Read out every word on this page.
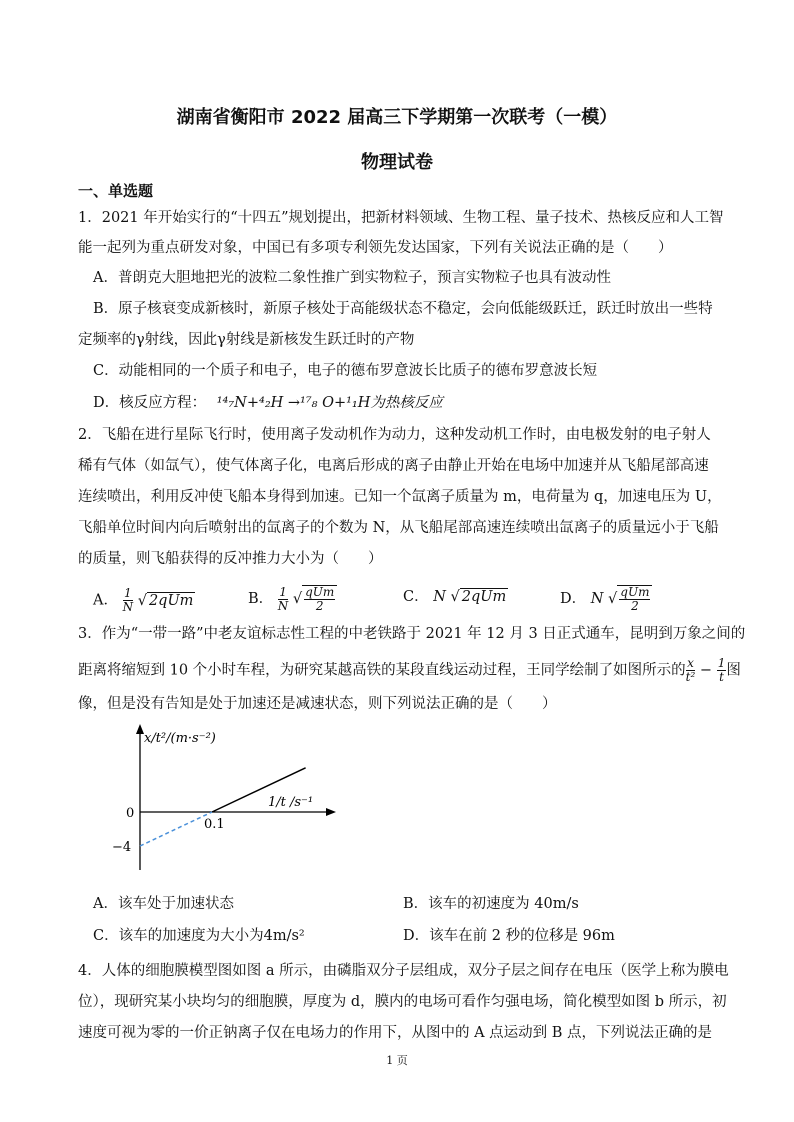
湖南省衡阳市 2022 届高三下学期第一次联考（一模）
物理试卷
一、单选题
1．2021 年开始实行的“十四五”规划提出，把新材料领域、生物工程、量子技术、热核反应和人工智
能一起列为重点研发对象，中国已有多项专利领先发达国家，下列有关说法正确的是（　　）
A．普朗克大胆地把光的波粒二象性推广到实物粒子，预言实物粒子也具有波动性
B．原子核衰变成新核时，新原子核处于高能级状态不稳定，会向低能级跃迁，跃迁时放出一些特
定频率的γ射线，因此γ射线是新核发生跃迁时的产物
C．动能相同的一个质子和电子，电子的德布罗意波长比质子的德布罗意波长短
D．核反应方程： ¹⁴₇N+⁴₂H →¹⁷₈ O+¹₁H为热核反应
2．飞船在进行星际飞行时，使用离子发动机作为动力，这种发动机工作时，由电极发射的电子射人
稀有气体（如氙气），使气体离子化，电离后形成的离子由静止开始在电场中加速并从飞船尾部高速
连续喷出，利用反冲使飞船本身得到加速。已知一个氙离子质量为 m，电荷量为 q，加速电压为 U，
飞船单位时间内向后喷射出的氙离子的个数为 N，从飞船尾部高速连续喷出氙离子的质量远小于飞船
的质量，则飞船获得的反冲推力大小为（　　）
A． $\frac{1}{N}$ √ 2qUm	B． $\frac{1}{N}$ √ $\frac{\text{qUm}}{2}$	C． N √ 2qUm	D． N √ $\frac{\text{qUm}}{2}$
3．作为“一带一路”中老友谊标志性工程的中老铁路于 2021 年 12 月 3 日正式通车，昆明到万象之间的
距离将缩短到 10 个小时车程，为研究某越高铁的某段直线运动过程，王同学绘制了如图所示的 $\frac{x}{\text{t²}} - \frac{1}{t}$ 图
像，但是没有告知是处于加速还是减速状态，则下列说法正确的是（　　）
0
−4
0.1
x/t²/(m·s⁻²)
1/t /s⁻¹
A．该车处于加速状态	B．该车的初速度为 40m/s
C．该车的加速度为大小为4m/s²	D．该车在前 2 秒的位移是 96m
4．人体的细胞膜模型图如图 a 所示，由磷脂双分子层组成，双分子层之间存在电压（医学上称为膜电
位），现研究某小块均匀的细胞膜，厚度为 d，膜内的电场可看作匀强电场，简化模型如图 b 所示，初
速度可视为零的一价正钠离子仅在电场力的作用下，从图中的 A 点运动到 B 点，下列说法正确的是
1 页
